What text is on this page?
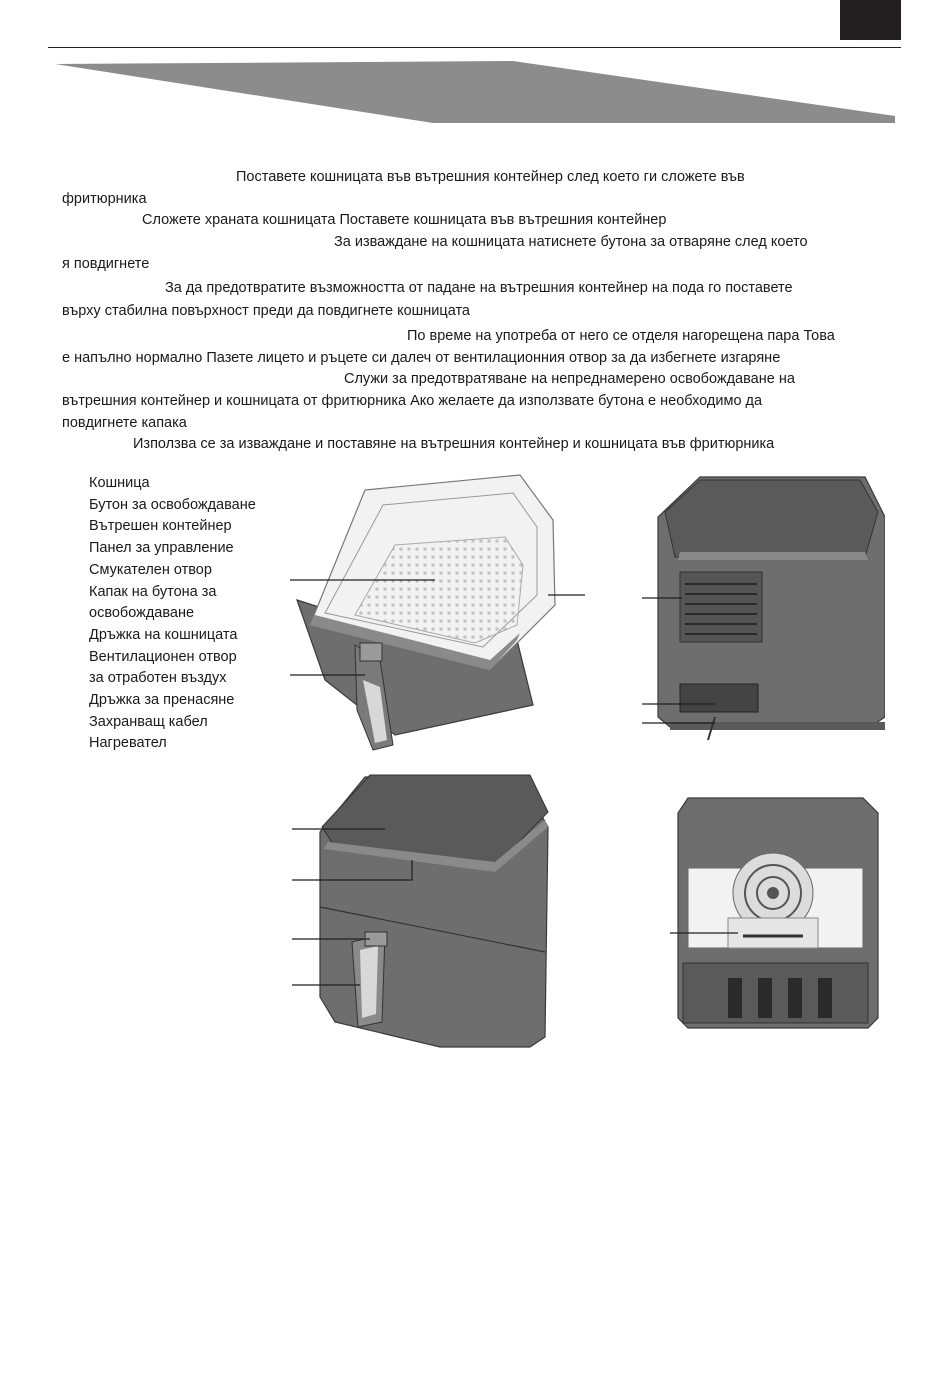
Поставете кошницата във вътрешния контейнер след което ги сложете във

фритюрника

Сложете храната кошницата Поставете кошницата във вътрешния контейнер

За изваждане на кошницата натиснете бутона за отваряне след което

я повдигнете

За да предотвратите възможността от падане на вътрешния контейнер на пода го поставете

върху стабилна повърхност преди да повдигнете кошницата

По време на употреба от него се отделя нагорещена пара Това

е напълно нормално Пазете лицето и ръцете си далеч от вентилационния отвор за да избегнете изгаряне

Служи за предотвратяване на непреднамерено освобождаване на

вътрешния контейнер и кошницата от фритюрника Ако желаете да използвате бутона е необходимо да

повдигнете капака

Използва се за изваждане и поставяне на вътрешния контейнер и кошницата във фритюрника

Кошница
Бутон за освобождаване
Вътрешен контейнер
Панел за управление
Смукателен отвор
Капак на бутона за
освобождаване
Дръжка на кошницата
Вентилационен отвор
за отработен въздух
Дръжка за пренасяне
Захранващ кабел
Нагревател
